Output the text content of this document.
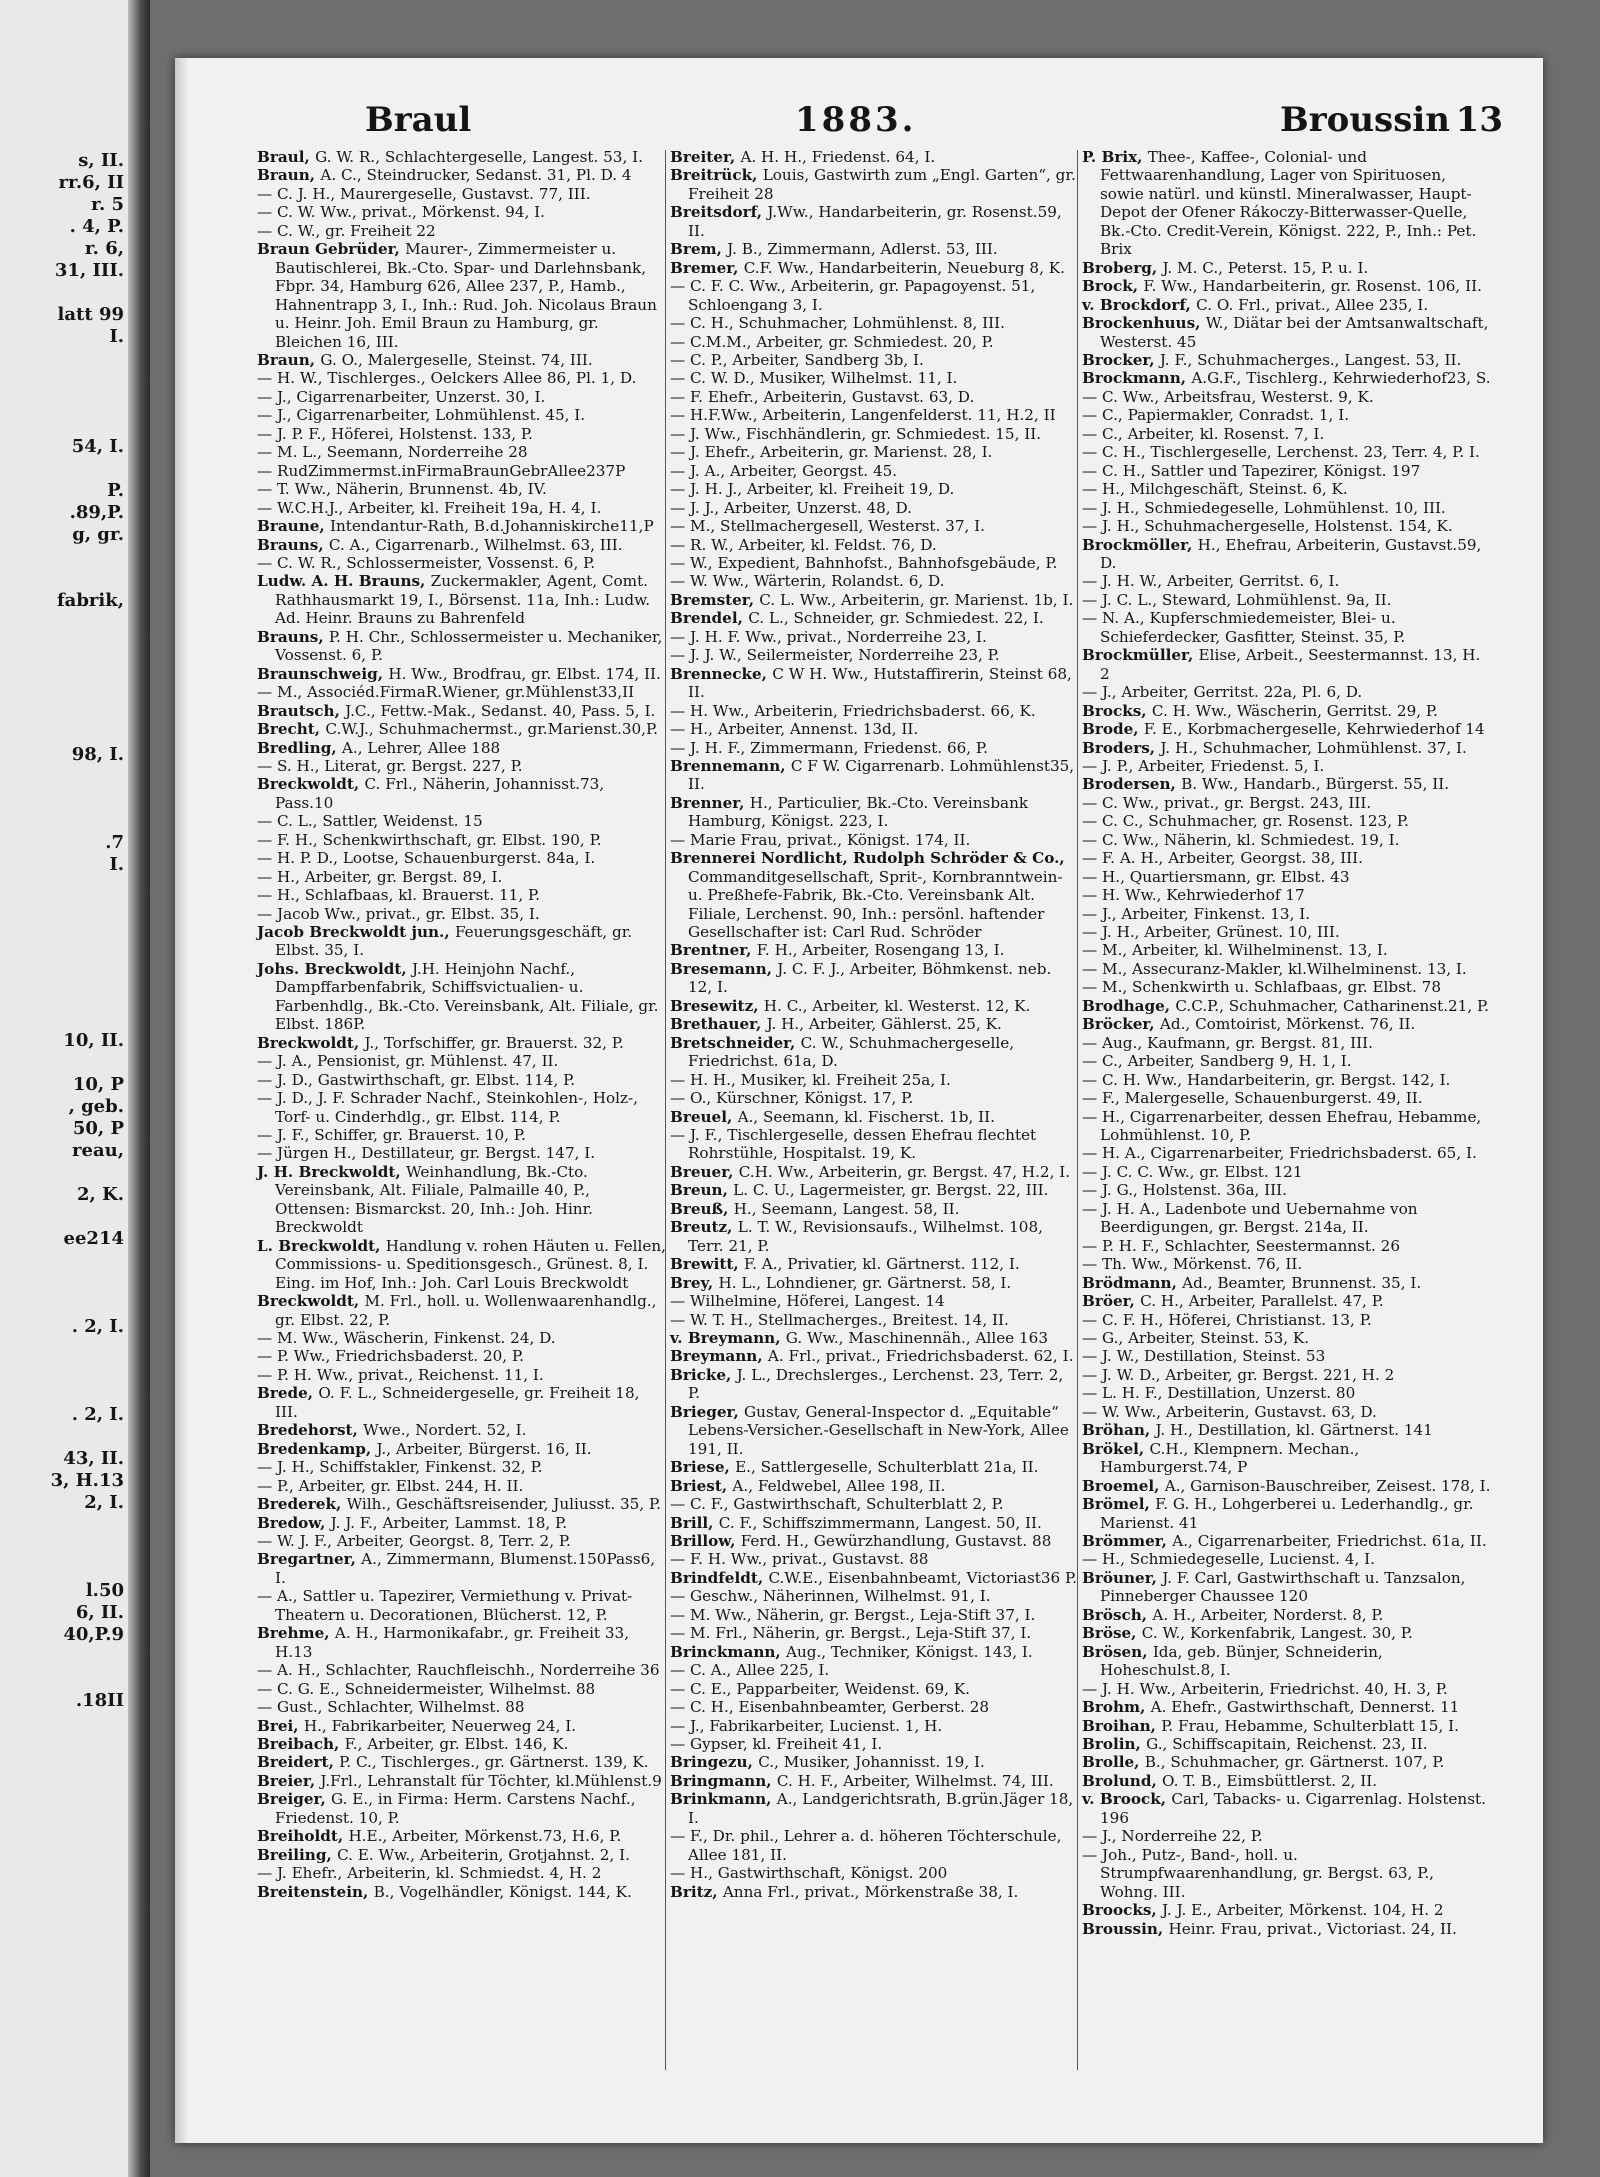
s, II.
rr.6, II
r. 5
. 4, P.
r. 6,
31, III.

latt 99
I.

54, I.

P.
.89,P.
g, gr.

fabrik,

98, I.

.7
I.

10, II.

10, P
, geb.
50, P
reau,

2, K.

ee214

. 2, I.

. 2, I.

43, II.
3, H.13
2, I.

l.50
6, II.
40,P.9

.18II
Braul	1883.	Broussin 13
Braul, G. W. R., Schlachtergeselle, Langest. 53, I.
Braun, A. C., Steindrucker, Sedanst. 31, Pl. D. 4
— C. J. H., Maurergeselle, Gustavst. 77, III.
— C. W. Ww., privat., Mörkenst. 94, I.
— C. W., gr. Freiheit 22
Braun Gebrüder, Maurer-, Zimmermeister u. Bautischlerei, Bk.-Cto. Spar- und Darlehnsbank, Fbpr. 34, Hamburg 626, Allee 237, P., Hamb., Hahnentrapp 3, I., Inh.: Rud. Joh. Nicolaus Braun u. Heinr. Joh. Emil Braun zu Hamburg, gr. Bleichen 16, III.
Braun, G. O., Malergeselle, Steinst. 74, III.
— H. W., Tischlerges., Oelckers Allee 86, Pl. 1, D.
— J., Cigarrenarbeiter, Unzerst. 30, I.
— J., Cigarrenarbeiter, Lohmühlenst. 45, I.
— J. P. F., Höferei, Holstenst. 133, P.
— M. L., Seemann, Norderreihe 28
— RudZimmermst.inFirmaBraunGebrAllee237P
— T. Ww., Näherin, Brunnenst. 4b, IV.
— W.C.H.J., Arbeiter, kl. Freiheit 19a, H. 4, I.
Braune, Intendantur-Rath, B.d.Johanniskirche11,P
Brauns, C. A., Cigarrenarb., Wilhelmst. 63, III.
— C. W. R., Schlossermeister, Vossenst. 6, P.
Ludw. A. H. Brauns, Zuckermakler, Agent, Comt. Rathhausmarkt 19, I., Börsenst. 11a, Inh.: Ludw. Ad. Heinr. Brauns zu Bahrenfeld
Brauns, P. H. Chr., Schlossermeister u. Mechaniker, Vossenst. 6, P.
Braunschweig, H. Ww., Brodfrau, gr. Elbst. 174, II.
— M., Associéd.FirmaR.Wiener, gr.Mühlenst33,II
Brautsch, J.C., Fettw.-Mak., Sedanst. 40, Pass. 5, I.
Brecht, C.W.J., Schuhmachermst., gr.Marienst.30,P.
Bredling, A., Lehrer, Allee 188
— S. H., Literat, gr. Bergst. 227, P.
Breckwoldt, C. Frl., Näherin, Johannisst.73, Pass.10
— C. L., Sattler, Weidenst. 15
— F. H., Schenkwirthschaft, gr. Elbst. 190, P.
— H. P. D., Lootse, Schauenburgerst. 84a, I.
— H., Arbeiter, gr. Bergst. 89, I.
— H., Schlafbaas, kl. Brauerst. 11, P.
— Jacob Ww., privat., gr. Elbst. 35, I.
Jacob Breckwoldt jun., Feuerungsgeschäft, gr. Elbst. 35, I.
Johs. Breckwoldt, J.H. Heinjohn Nachf., Dampffarbenfabrik, Schiffsvictualien- u. Farbenhdlg., Bk.-Cto. Vereinsbank, Alt. Filiale, gr. Elbst. 186P.
Breckwoldt, J., Torfschiffer, gr. Brauerst. 32, P.
— J. A., Pensionist, gr. Mühlenst. 47, II.
— J. D., Gastwirthschaft, gr. Elbst. 114, P.
— J. D., J. F. Schrader Nachf., Steinkohlen-, Holz-, Torf- u. Cinderhdlg., gr. Elbst. 114, P.
— J. F., Schiffer, gr. Brauerst. 10, P.
— Jürgen H., Destillateur, gr. Bergst. 147, I.
J. H. Breckwoldt, Weinhandlung, Bk.-Cto. Vereinsbank, Alt. Filiale, Palmaille 40, P., Ottensen: Bismarckst. 20, Inh.: Joh. Hinr. Breckwoldt
L. Breckwoldt, Handlung v. rohen Häuten u. Fellen, Commissions- u. Speditionsgesch., Grünest. 8, I. Eing. im Hof, Inh.: Joh. Carl Louis Breckwoldt
Breckwoldt, M. Frl., holl. u. Wollenwaarenhandlg., gr. Elbst. 22, P.
— M. Ww., Wäscherin, Finkenst. 24, D.
— P. Ww., Friedrichsbaderst. 20, P.
— P. H. Ww., privat., Reichenst. 11, I.
Brede, O. F. L., Schneidergeselle, gr. Freiheit 18, III.
Bredehorst, Wwe., Nordert. 52, I.
Bredenkamp, J., Arbeiter, Bürgerst. 16, II.
— J. H., Schiffstakler, Finkenst. 32, P.
— P., Arbeiter, gr. Elbst. 244, H. II.
Brederek, Wilh., Geschäftsreisender, Juliusst. 35, P.
Bredow, J. J. F., Arbeiter, Lammst. 18, P.
— W. J. F., Arbeiter, Georgst. 8, Terr. 2, P.
Bregartner, A., Zimmermann, Blumenst.150Pass6, I.
— A., Sattler u. Tapezirer, Vermiethung v. Privat-Theatern u. Decorationen, Blücherst. 12, P.
Brehme, A. H., Harmonikafabr., gr. Freiheit 33, H.13
— A. H., Schlachter, Rauchfleischh., Norderreihe 36
— C. G. E., Schneidermeister, Wilhelmst. 88
— Gust., Schlachter, Wilhelmst. 88
Brei, H., Fabrikarbeiter, Neuerweg 24, I.
Breibach, F., Arbeiter, gr. Elbst. 146, K.
Breidert, P. C., Tischlerges., gr. Gärtnerst. 139, K.
Breier, J.Frl., Lehranstalt für Töchter, kl.Mühlenst.9
Breiger, G. E., in Firma: Herm. Carstens Nachf., Friedenst. 10, P.
Breiholdt, H.E., Arbeiter, Mörkenst.73, H.6, P.
Breiling, C. E. Ww., Arbeiterin, Grotjahnst. 2, I.
— J. Ehefr., Arbeiterin, kl. Schmiedst. 4, H. 2
Breitenstein, B., Vogelhändler, Königst. 144, K.
Breiter, A. H. H., Friedenst. 64, I.
Breitrück, Louis, Gastwirth zum „Engl. Garten“, gr. Freiheit 28
Breitsdorf, J.Ww., Handarbeiterin, gr. Rosenst.59, II.
Brem, J. B., Zimmermann, Adlerst. 53, III.
Bremer, C.F. Ww., Handarbeiterin, Neueburg 8, K.
— C. F. C. Ww., Arbeiterin, gr. Papagoyenst. 51, Schloengang 3, I.
— C. H., Schuhmacher, Lohmühlenst. 8, III.
— C.M.M., Arbeiter, gr. Schmiedest. 20, P.
— C. P., Arbeiter, Sandberg 3b, I.
— C. W. D., Musiker, Wilhelmst. 11, I.
— F. Ehefr., Arbeiterin, Gustavst. 63, D.
— H.F.Ww., Arbeiterin, Langenfelderst. 11, H.2, II
— J. Ww., Fischhändlerin, gr. Schmiedest. 15, II.
— J. Ehefr., Arbeiterin, gr. Marienst. 28, I.
— J. A., Arbeiter, Georgst. 45.
— J. H. J., Arbeiter, kl. Freiheit 19, D.
— J. J., Arbeiter, Unzerst. 48, D.
— M., Stellmachergesell, Westerst. 37, I.
— R. W., Arbeiter, kl. Feldst. 76, D.
— W., Expedient, Bahnhofst., Bahnhofsgebäude, P.
— W. Ww., Wärterin, Rolandst. 6, D.
Bremster, C. L. Ww., Arbeiterin, gr. Marienst. 1b, I.
Brendel, C. L., Schneider, gr. Schmiedest. 22, I.
— J. H. F. Ww., privat., Norderreihe 23, I.
— J. J. W., Seilermeister, Norderreihe 23, P.
Brennecke, C W H. Ww., Hutstaffirerin, Steinst 68, II.
— H. Ww., Arbeiterin, Friedrichsbaderst. 66, K.
— H., Arbeiter, Annenst. 13d, II.
— J. H. F., Zimmermann, Friedenst. 66, P.
Brennemann, C F W. Cigarrenarb. Lohmühlenst35, II.
Brenner, H., Particulier, Bk.-Cto. Vereinsbank Hamburg, Königst. 223, I.
— Marie Frau, privat., Königst. 174, II.
Brennerei Nordlicht, Rudolph Schröder & Co., Commanditgesellschaft, Sprit-, Kornbranntwein- u. Preßhefe-Fabrik, Bk.-Cto. Vereinsbank Alt. Filiale, Lerchenst. 90, Inh.: persönl. haftender Gesellschafter ist: Carl Rud. Schröder
Brentner, F. H., Arbeiter, Rosengang 13, I.
Bresemann, J. C. F. J., Arbeiter, Böhmkenst. neb. 12, I.
Bresewitz, H. C., Arbeiter, kl. Westerst. 12, K.
Brethauer, J. H., Arbeiter, Gählerst. 25, K.
Bretschneider, C. W., Schuhmachergeselle, Friedrichst. 61a, D.
— H. H., Musiker, kl. Freiheit 25a, I.
— O., Kürschner, Königst. 17, P.
Breuel, A., Seemann, kl. Fischerst. 1b, II.
— J. F., Tischlergeselle, dessen Ehefrau flechtet Rohrstühle, Hospitalst. 19, K.
Breuer, C.H. Ww., Arbeiterin, gr. Bergst. 47, H.2, I.
Breun, L. C. U., Lagermeister, gr. Bergst. 22, III.
Breuß, H., Seemann, Langest. 58, II.
Breutz, L. T. W., Revisionsaufs., Wilhelmst. 108, Terr. 21, P.
Brewitt, F. A., Privatier, kl. Gärtnerst. 112, I.
Brey, H. L., Lohndiener, gr. Gärtnerst. 58, I.
— Wilhelmine, Höferei, Langest. 14
— W. T. H., Stellmacherges., Breitest. 14, II.
v. Breymann, G. Ww., Maschinennäh., Allee 163
Breymann, A. Frl., privat., Friedrichsbaderst. 62, I.
Bricke, J. L., Drechslerges., Lerchenst. 23, Terr. 2, P.
Brieger, Gustav, General-Inspector d. „Equitable“ Lebens-Versicher.-Gesellschaft in New-York, Allee 191, II.
Briese, E., Sattlergeselle, Schulterblatt 21a, II.
Briest, A., Feldwebel, Allee 198, II.
— C. F., Gastwirthschaft, Schulterblatt 2, P.
Brill, C. F., Schiffszimmermann, Langest. 50, II.
Brillow, Ferd. H., Gewürzhandlung, Gustavst. 88
— F. H. Ww., privat., Gustavst. 88
Brindfeldt, C.W.E., Eisenbahnbeamt, Victoriast36 P.
— Geschw., Näherinnen, Wilhelmst. 91, I.
— M. Ww., Näherin, gr. Bergst., Leja-Stift 37, I.
— M. Frl., Näherin, gr. Bergst., Leja-Stift 37, I.
Brinckmann, Aug., Techniker, Königst. 143, I.
— C. A., Allee 225, I.
— C. E., Papparbeiter, Weidenst. 69, K.
— C. H., Eisenbahnbeamter, Gerberst. 28
— J., Fabrikarbeiter, Lucienst. 1, H.
— Gypser, kl. Freiheit 41, I.
Bringezu, C., Musiker, Johannisst. 19, I.
Bringmann, C. H. F., Arbeiter, Wilhelmst. 74, III.
Brinkmann, A., Landgerichtsrath, B.grün.Jäger 18, I.
— F., Dr. phil., Lehrer a. d. höheren Töchterschule, Allee 181, II.
— H., Gastwirthschaft, Königst. 200
Britz, Anna Frl., privat., Mörkenstraße 38, I.
P. Brix, Thee-, Kaffee-, Colonial- und Fettwaarenhandlung, Lager von Spirituosen, sowie natürl. und künstl. Mineralwasser, Haupt-Depot der Ofener Rákoczy-Bitterwasser-Quelle, Bk.-Cto. Credit-Verein, Königst. 222, P., Inh.: Pet. Brix
Broberg, J. M. C., Peterst. 15, P. u. I.
Brock, F. Ww., Handarbeiterin, gr. Rosenst. 106, II.
v. Brockdorf, C. O. Frl., privat., Allee 235, I.
Brockenhuus, W., Diätar bei der Amtsanwaltschaft, Westerst. 45
Brocker, J. F., Schuhmacherges., Langest. 53, II.
Brockmann, A.G.F., Tischlerg., Kehrwiederhof23, S.
— C. Ww., Arbeitsfrau, Westerst. 9, K.
— C., Papiermakler, Conradst. 1, I.
— C., Arbeiter, kl. Rosenst. 7, I.
— C. H., Tischlergeselle, Lerchenst. 23, Terr. 4, P. I.
— C. H., Sattler und Tapezirer, Königst. 197
— H., Milchgeschäft, Steinst. 6, K.
— J. H., Schmiedegeselle, Lohmühlenst. 10, III.
— J. H., Schuhmachergeselle, Holstenst. 154, K.
Brockmöller, H., Ehefrau, Arbeiterin, Gustavst.59, D.
— J. H. W., Arbeiter, Gerritst. 6, I.
— J. C. L., Steward, Lohmühlenst. 9a, II.
— N. A., Kupferschmiedemeister, Blei- u. Schieferdecker, Gasfitter, Steinst. 35, P.
Brockmüller, Elise, Arbeit., Seestermannst. 13, H. 2
— J., Arbeiter, Gerritst. 22a, Pl. 6, D.
Brocks, C. H. Ww., Wäscherin, Gerritst. 29, P.
Brode, F. E., Korbmachergeselle, Kehrwiederhof 14
Broders, J. H., Schuhmacher, Lohmühlenst. 37, I.
— J. P., Arbeiter, Friedenst. 5, I.
Brodersen, B. Ww., Handarb., Bürgerst. 55, II.
— C. Ww., privat., gr. Bergst. 243, III.
— C. C., Schuhmacher, gr. Rosenst. 123, P.
— C. Ww., Näherin, kl. Schmiedest. 19, I.
— F. A. H., Arbeiter, Georgst. 38, III.
— H., Quartiersmann, gr. Elbst. 43
— H. Ww., Kehrwiederhof 17
— J., Arbeiter, Finkenst. 13, I.
— J. H., Arbeiter, Grünest. 10, III.
— M., Arbeiter, kl. Wilhelminenst. 13, I.
— M., Assecuranz-Makler, kl.Wilhelminenst. 13, I.
— M., Schenkwirth u. Schlafbaas, gr. Elbst. 78
Brodhage, C.C.P., Schuhmacher, Catharinenst.21, P.
Bröcker, Ad., Comtoirist, Mörkenst. 76, II.
— Aug., Kaufmann, gr. Bergst. 81, III.
— C., Arbeiter, Sandberg 9, H. 1, I.
— C. H. Ww., Handarbeiterin, gr. Bergst. 142, I.
— F., Malergeselle, Schauenburgerst. 49, II.
— H., Cigarrenarbeiter, dessen Ehefrau, Hebamme, Lohmühlenst. 10, P.
— H. A., Cigarrenarbeiter, Friedrichsbaderst. 65, I.
— J. C. C. Ww., gr. Elbst. 121
— J. G., Holstenst. 36a, III.
— J. H. A., Ladenbote und Uebernahme von Beerdigungen, gr. Bergst. 214a, II.
— P. H. F., Schlachter, Seestermannst. 26
— Th. Ww., Mörkenst. 76, II.
Brödmann, Ad., Beamter, Brunnenst. 35, I.
Bröer, C. H., Arbeiter, Parallelst. 47, P.
— C. F. H., Höferei, Christianst. 13, P.
— G., Arbeiter, Steinst. 53, K.
— J. W., Destillation, Steinst. 53
— J. W. D., Arbeiter, gr. Bergst. 221, H. 2
— L. H. F., Destillation, Unzerst. 80
— W. Ww., Arbeiterin, Gustavst. 63, D.
Bröhan, J. H., Destillation, kl. Gärtnerst. 141
Brökel, C.H., Klempnern. Mechan., Hamburgerst.74, P
Broemel, A., Garnison-Bauschreiber, Zeisest. 178, I.
Brömel, F. G. H., Lohgerberei u. Lederhandlg., gr. Marienst. 41
Brömmer, A., Cigarrenarbeiter, Friedrichst. 61a, II.
— H., Schmiedegeselle, Lucienst. 4, I.
Bröuner, J. F. Carl, Gastwirthschaft u. Tanzsalon, Pinneberger Chaussee 120
Brösch, A. H., Arbeiter, Norderst. 8, P.
Bröse, C. W., Korkenfabrik, Langest. 30, P.
Brösen, Ida, geb. Bünjer, Schneiderin, Hoheschulst.8, I.
— J. H. Ww., Arbeiterin, Friedrichst. 40, H. 3, P.
Brohm, A. Ehefr., Gastwirthschaft, Dennerst. 11
Broihan, P. Frau, Hebamme, Schulterblatt 15, I.
Brolin, G., Schiffscapitain, Reichenst. 23, II.
Brolle, B., Schuhmacher, gr. Gärtnerst. 107, P.
Brolund, O. T. B., Eimsbüttlerst. 2, II.
v. Broock, Carl, Tabacks- u. Cigarrenlag. Holstenst. 196
— J., Norderreihe 22, P.
— Joh., Putz-, Band-, holl. u. Strumpfwaarenhandlung, gr. Bergst. 63, P., Wohng. III.
Broocks, J. J. E., Arbeiter, Mörkenst. 104, H. 2
Broussin, Heinr. Frau, privat., Victoriast. 24, II.
